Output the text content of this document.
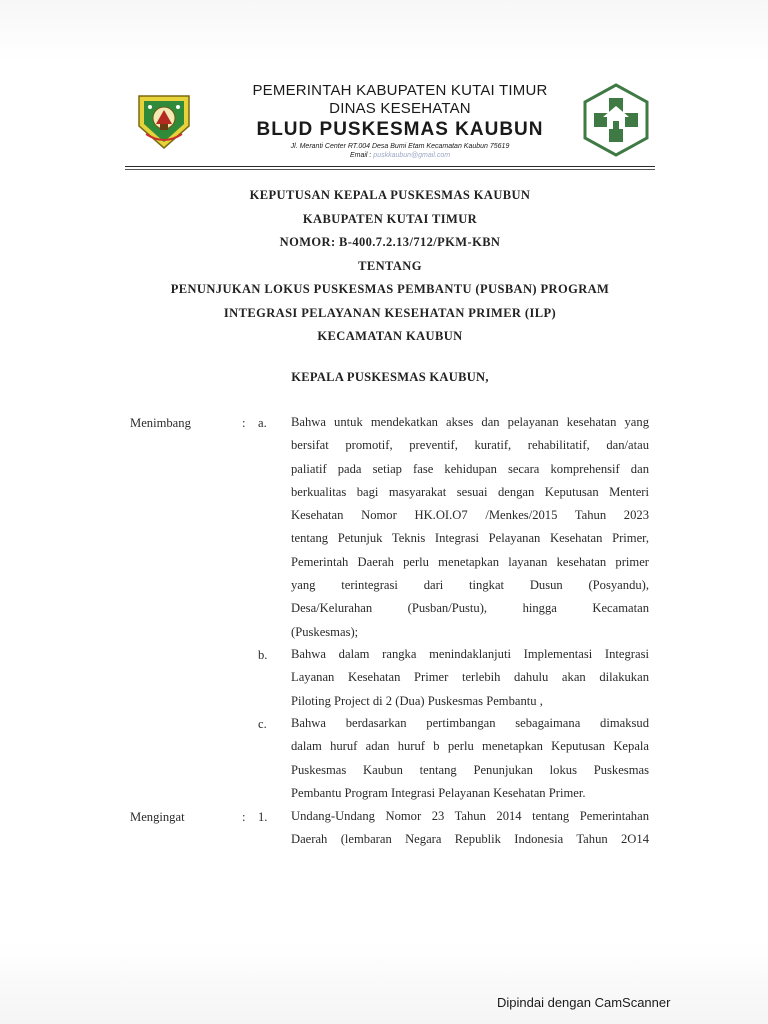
PEMERINTAH KABUPATEN KUTAI TIMUR
DINAS KESEHATAN
BLUD PUSKESMAS KAUBUN
Jl. Meranti Center RT.004 Desa Bumi Etam Kecamatan Kaubun 75619
Email : puskkaubun@gmail.com
KEPUTUSAN KEPALA PUSKESMAS KAUBUN
KABUPATEN KUTAI TIMUR
NOMOR: B-400.7.2.13/712/PKM-KBN
TENTANG
PENUNJUKAN LOKUS PUSKESMAS PEMBANTU (PUSBAN) PROGRAM
INTEGRASI PELAYANAN KESEHATAN PRIMER (ILP)
KECAMATAN KAUBUN
KEPALA PUSKESMAS KAUBUN,
Menimbang	: a. Bahwa untuk mendekatkan akses dan pelayanan kesehatan yang
bersifat promotif, preventif, kuratif, rehabilitatif, dan/atau
paliatif pada setiap fase kehidupan secara komprehensif dan
berkualitas bagi masyarakat sesuai dengan Keputusan Menteri
Kesehatan Nomor HK.OI.O7 /Menkes/2015 Tahun 2023
tentang Petunjuk Teknis Integrasi Pelayanan Kesehatan Primer,
Pemerintah Daerah perlu menetapkan layanan kesehatan primer
yang terintegrasi dari tingkat Dusun (Posyandu),
Desa/Kelurahan (Pusban/Pustu), hingga Kecamatan
(Puskesmas);
b. Bahwa dalam rangka menindaklanjuti Implementasi Integrasi
Layanan Kesehatan Primer terlebih dahulu akan dilakukan
Piloting Project di 2 (Dua) Puskesmas Pembantu ,
c. Bahwa berdasarkan pertimbangan sebagaimana dimaksud
dalam huruf adan huruf b perlu menetapkan Keputusan Kepala
Puskesmas Kaubun tentang Penunjukan lokus Puskesmas
Pembantu Program Integrasi Pelayanan Kesehatan Primer.
Mengingat	: 1. Undang-Undang Nomor 23 Tahun 2014 tentang Pemerintahan
Daerah (lembaran Negara Republik Indonesia Tahun 2O14
Dipindai dengan CamScanner
